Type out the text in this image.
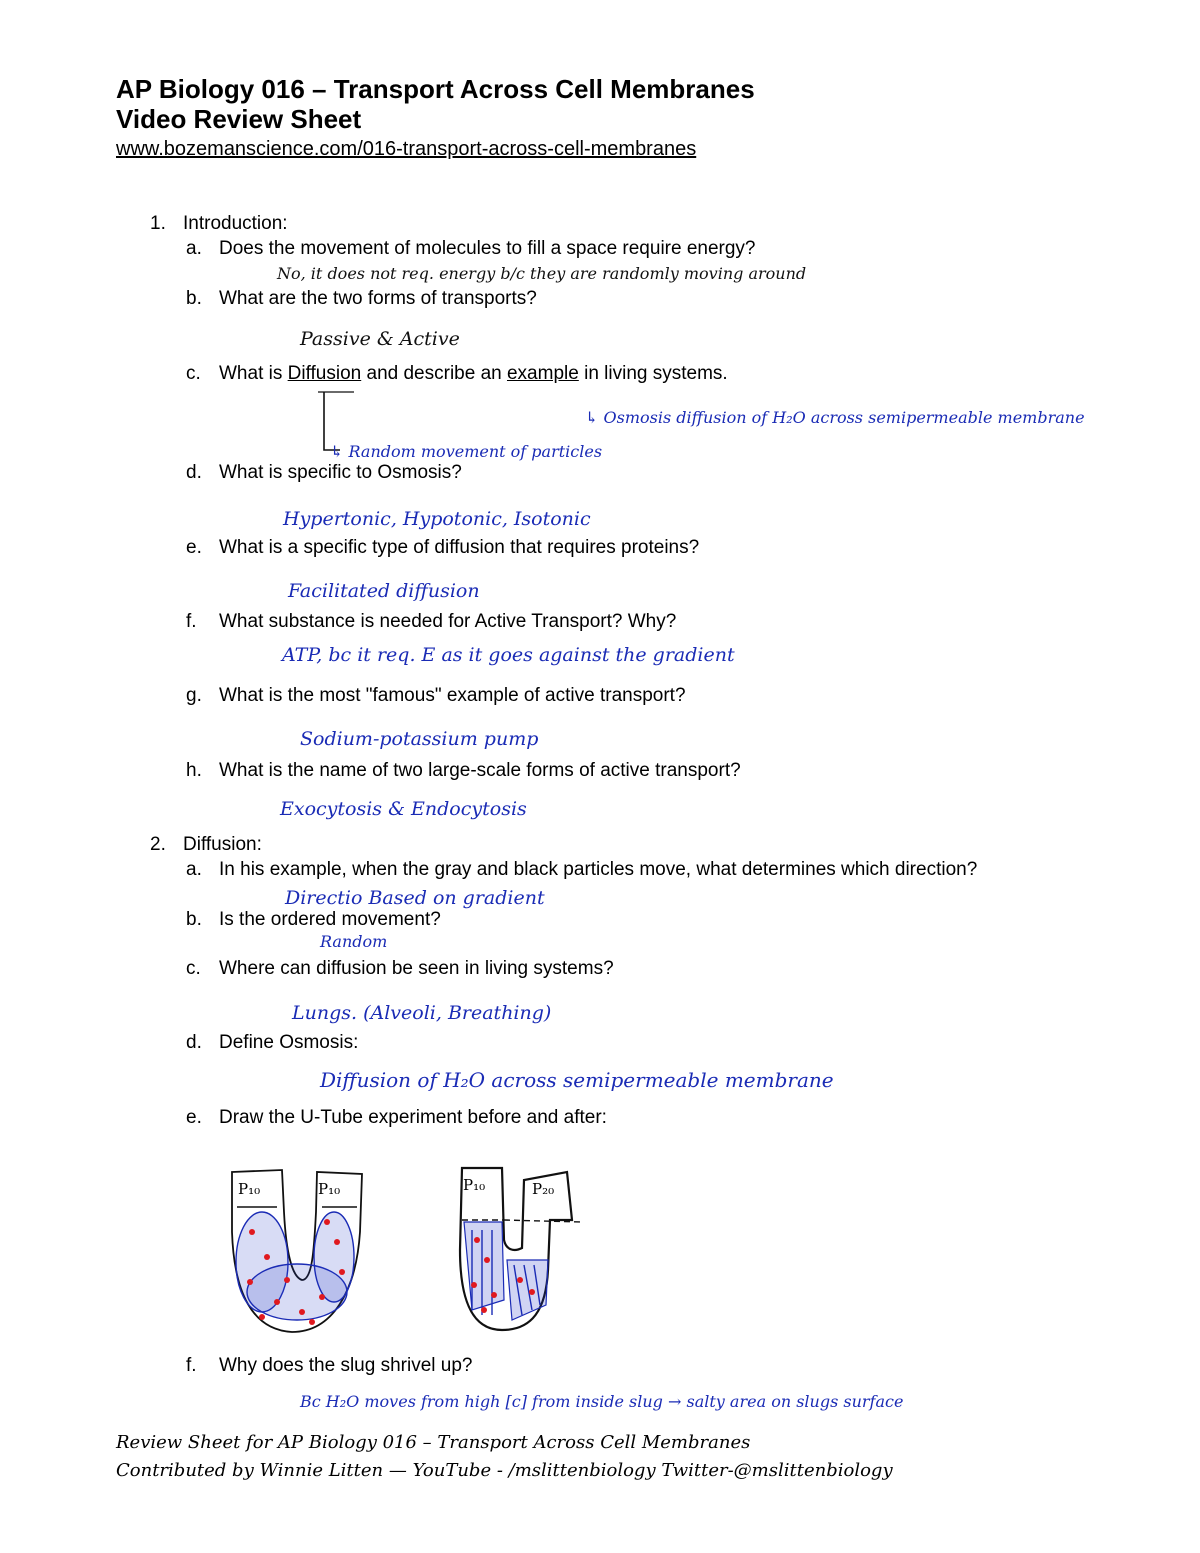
AP Biology 016 – Transport Across Cell Membranes
Video Review Sheet
www.bozemanscience.com/016-transport-across-cell-membranes
1. Introduction:
a. Does the movement of molecules to fill a space require energy?
No, it does not req. energy b/c they are randomly moving around
b. What are the two forms of transports?
Passive & Active
c. What is Diffusion and describe an example in living systems.
↳ Random movement of particles
↳ Osmosis diffusion of H₂O across semipermeable membrane
d. What is specific to Osmosis?
Hypertonic, Hypotonic, Isotonic
e. What is a specific type of diffusion that requires proteins?
Facilitated diffusion
f. What substance is needed for Active Transport? Why?
ATP, bc it req. E as it goes against the gradient
g. What is the most "famous" example of active transport?
Sodium-potassium pump
h. What is the name of two large-scale forms of active transport?
Exocytosis & Endocytosis
2. Diffusion:
a. In his example, when the gray and black particles move, what determines which direction?
Directio Based on gradient
b. Is the ordered movement?
Random
c. Where can diffusion be seen in living systems?
Lungs. (Alveoli, Breathing)
d. Define Osmosis:
Diffusion of H₂O across semipermeable membrane
e. Draw the U-Tube experiment before and after:
P₁₀	P₁₀	P₁₀	P₂₀
f. Why does the slug shrivel up?
Bc H₂O moves from high [c] from inside slug → salty area on slugs surface
Review Sheet for AP Biology 016 – Transport Across Cell Membranes
Contributed by Winnie Litten — YouTube - /mslittenbiology Twitter-@mslittenbiology
